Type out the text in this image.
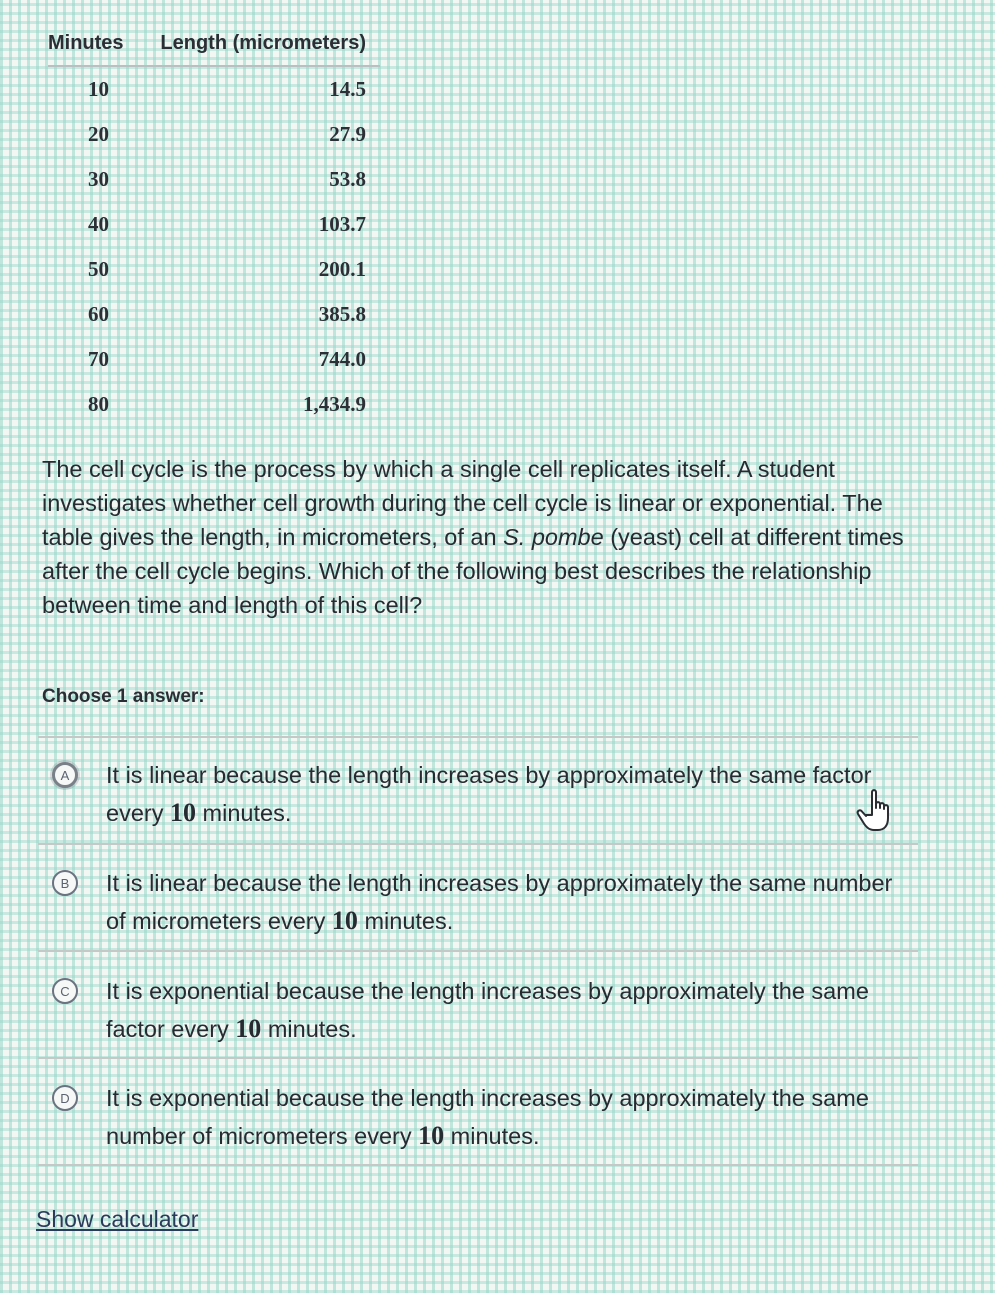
Minutes	Length (micrometers)
10	14.5
20	27.9
30	53.8
40	103.7
50	200.1
60	385.8
70	744.0
80	1,434.9

The cell cycle is the process by which a single cell replicates itself. A student investigates whether cell growth during the cell cycle is linear or exponential. The table gives the length, in micrometers, of an S. pombe (yeast) cell at different times after the cell cycle begins. Which of the following best describes the relationship between time and length of this cell?

Choose 1 answer:
A	It is linear because the length increases by approximately the same factor every 10 minutes.
B	It is linear because the length increases by approximately the same number of micrometers every 10 minutes.
C	It is exponential because the length increases by approximately the same factor every 10 minutes.
D	It is exponential because the length increases by approximately the same number of micrometers every 10 minutes.
Show calculator
